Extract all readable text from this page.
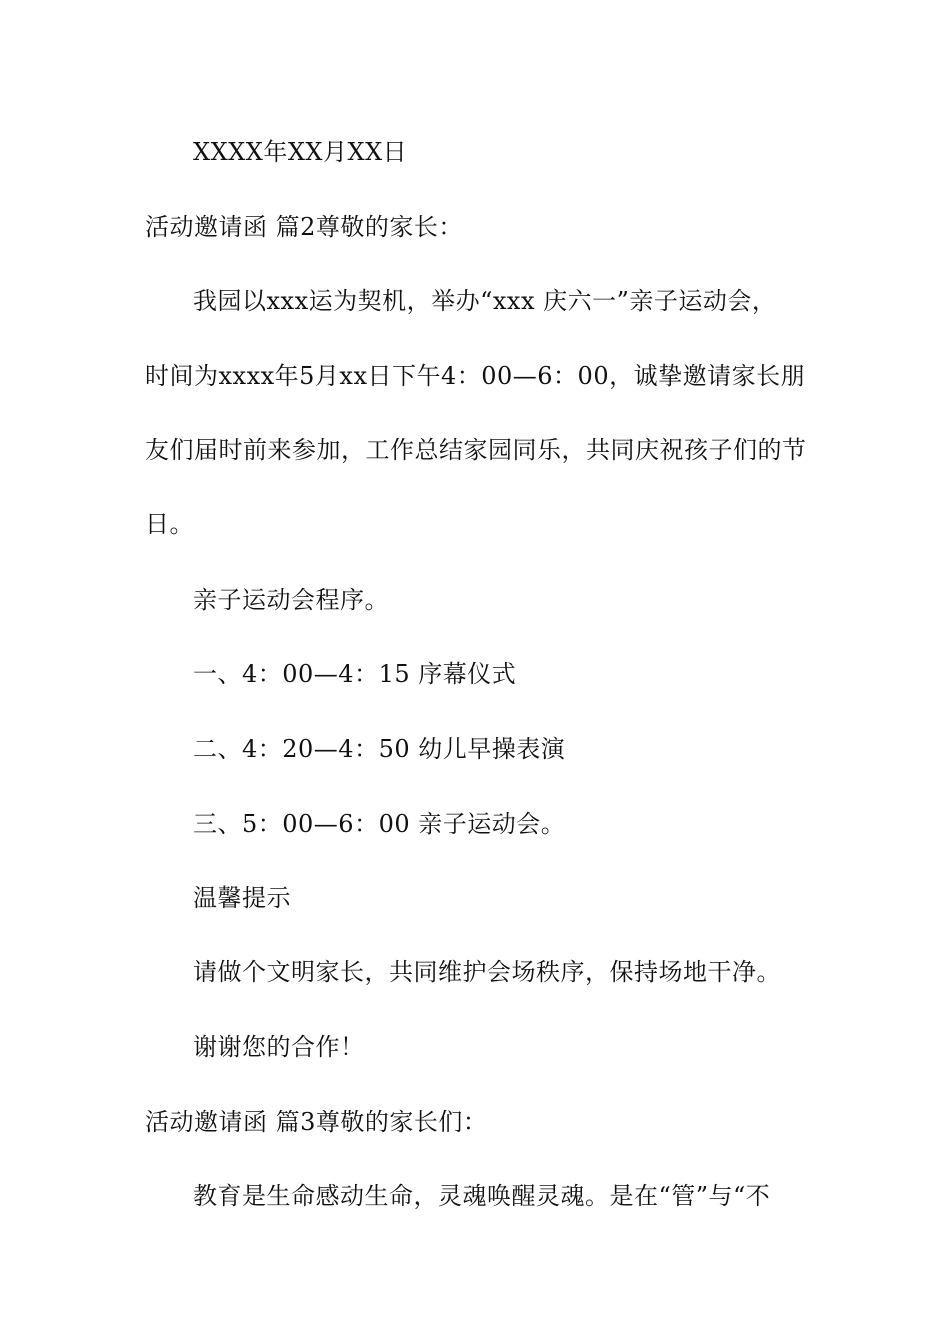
XXXX年XX月XX日
活动邀请函 篇2尊敬的家长：
我园以xxx运为契机，举办“xxx 庆六一”亲子运动会，
时间为xxxx年5月xx日下午4：00—6：00，诚挚邀请家长朋
友们届时前来参加，工作总结家园同乐，共同庆祝孩子们的节
日。
亲子运动会程序。
一、4：00—4：15 序幕仪式
二、4：20—4：50 幼儿早操表演
三、5：00—6：00 亲子运动会。
温馨提示
请做个文明家长，共同维护会场秩序，保持场地干净。
谢谢您的合作！
活动邀请函 篇3尊敬的家长们：
教育是生命感动生命，灵魂唤醒灵魂。是在“管”与“不
